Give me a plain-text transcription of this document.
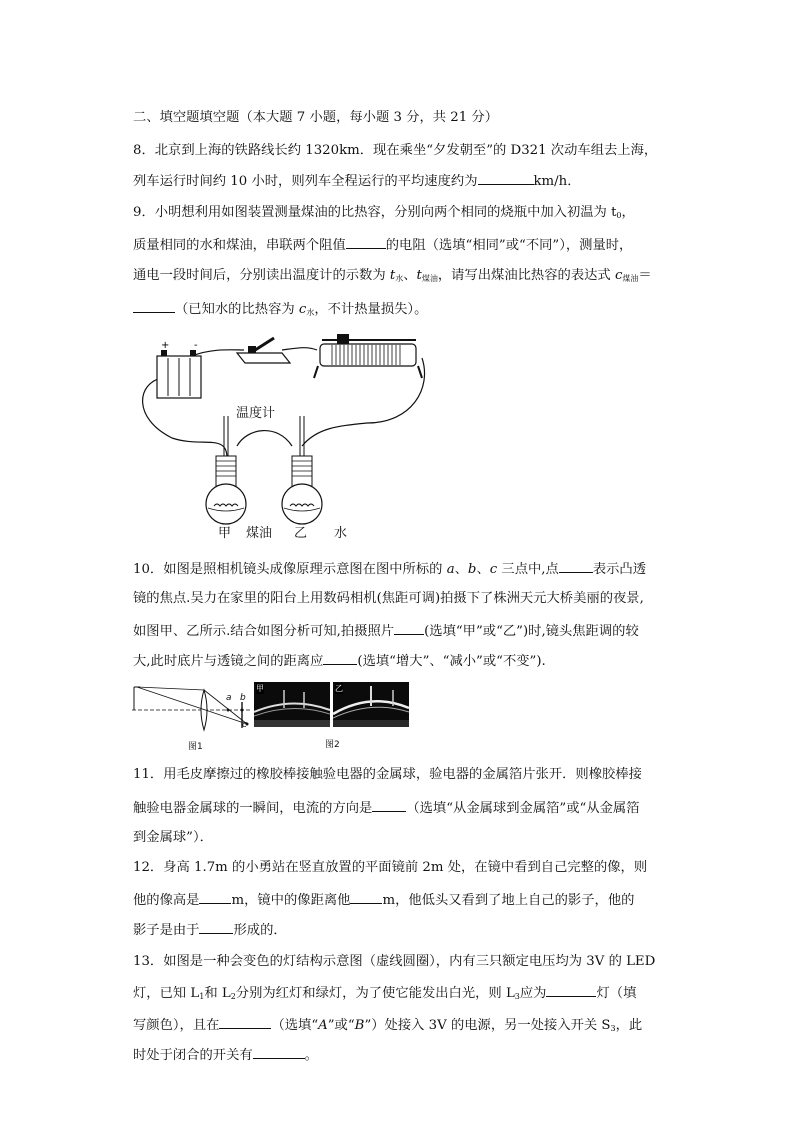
二、填空题填空题（本大题 7 小题，每小题 3 分，共 21 分）
8．北京到上海的铁路线长约 1320km．现在乘坐“夕发朝至”的 D321 次动车组去上海，
列车运行时间约 10 小时，则列车全程运行的平均速度约为	km/h．
9．小明想利用如图装置测量煤油的比热容，分别向两个相同的烧瓶中加入初温为 $t_0$，
质量相同的水和煤油，串联两个阻值	的电阻（选填“相同”或“不同”），测量时，
通电一段时间后，分别读出温度计的示数为 $t_水$、$t_{煤油}$，请写出煤油比热容的表达式 $c_{煤油}=$
（已知水的比热容为 $c_水$，不计热量损失）。
+ -
温度计
甲 煤油 乙 水
10．如图是照相机镜头成像原理示意图在图中所标的 a、b、c 三点中,点	表示凸透
镜的焦点.吴力在家里的阳台上用数码相机(焦距可调)拍摄下了株洲天元大桥美丽的夜景,
如图甲、乙所示.结合如图分析可知,拍摄照片 (选填“甲”或“乙”)时,镜头焦距调的较
大,此时底片与透镜之间的距离应	(选填“增大”、“减小”或“不变”).
a b
c
图1
甲	乙
图2
11．用毛皮摩擦过的橡胶棒接触验电器的金属球，验电器的金属箔片张开．则橡胶棒接
触验电器金属球的一瞬间，电流的方向是	（选填“从金属球到金属箔”或“从金属箔
到金属球”）．
12．身高 1.7m 的小勇站在竖直放置的平面镜前 2m 处，在镜中看到自己完整的像，则
他的像高是 m，镜中的像距离他 m，他低头又看到了地上自己的影子，他的
影子是由于	形成的．
13．如图是一种会变色的灯结构示意图（虚线圆圈），内有三只额定电压均为 3V 的 LED
灯，已知 $L_1$和 $L_2$分别为红灯和绿灯，为了使它能发出白光，则 $L_3$应为	灯（填
写颜色），且在	（选填“A”或“B”）处接入 3V 的电源，另一处接入开关 $S_3$，此
时处于闭合的开关有	。
